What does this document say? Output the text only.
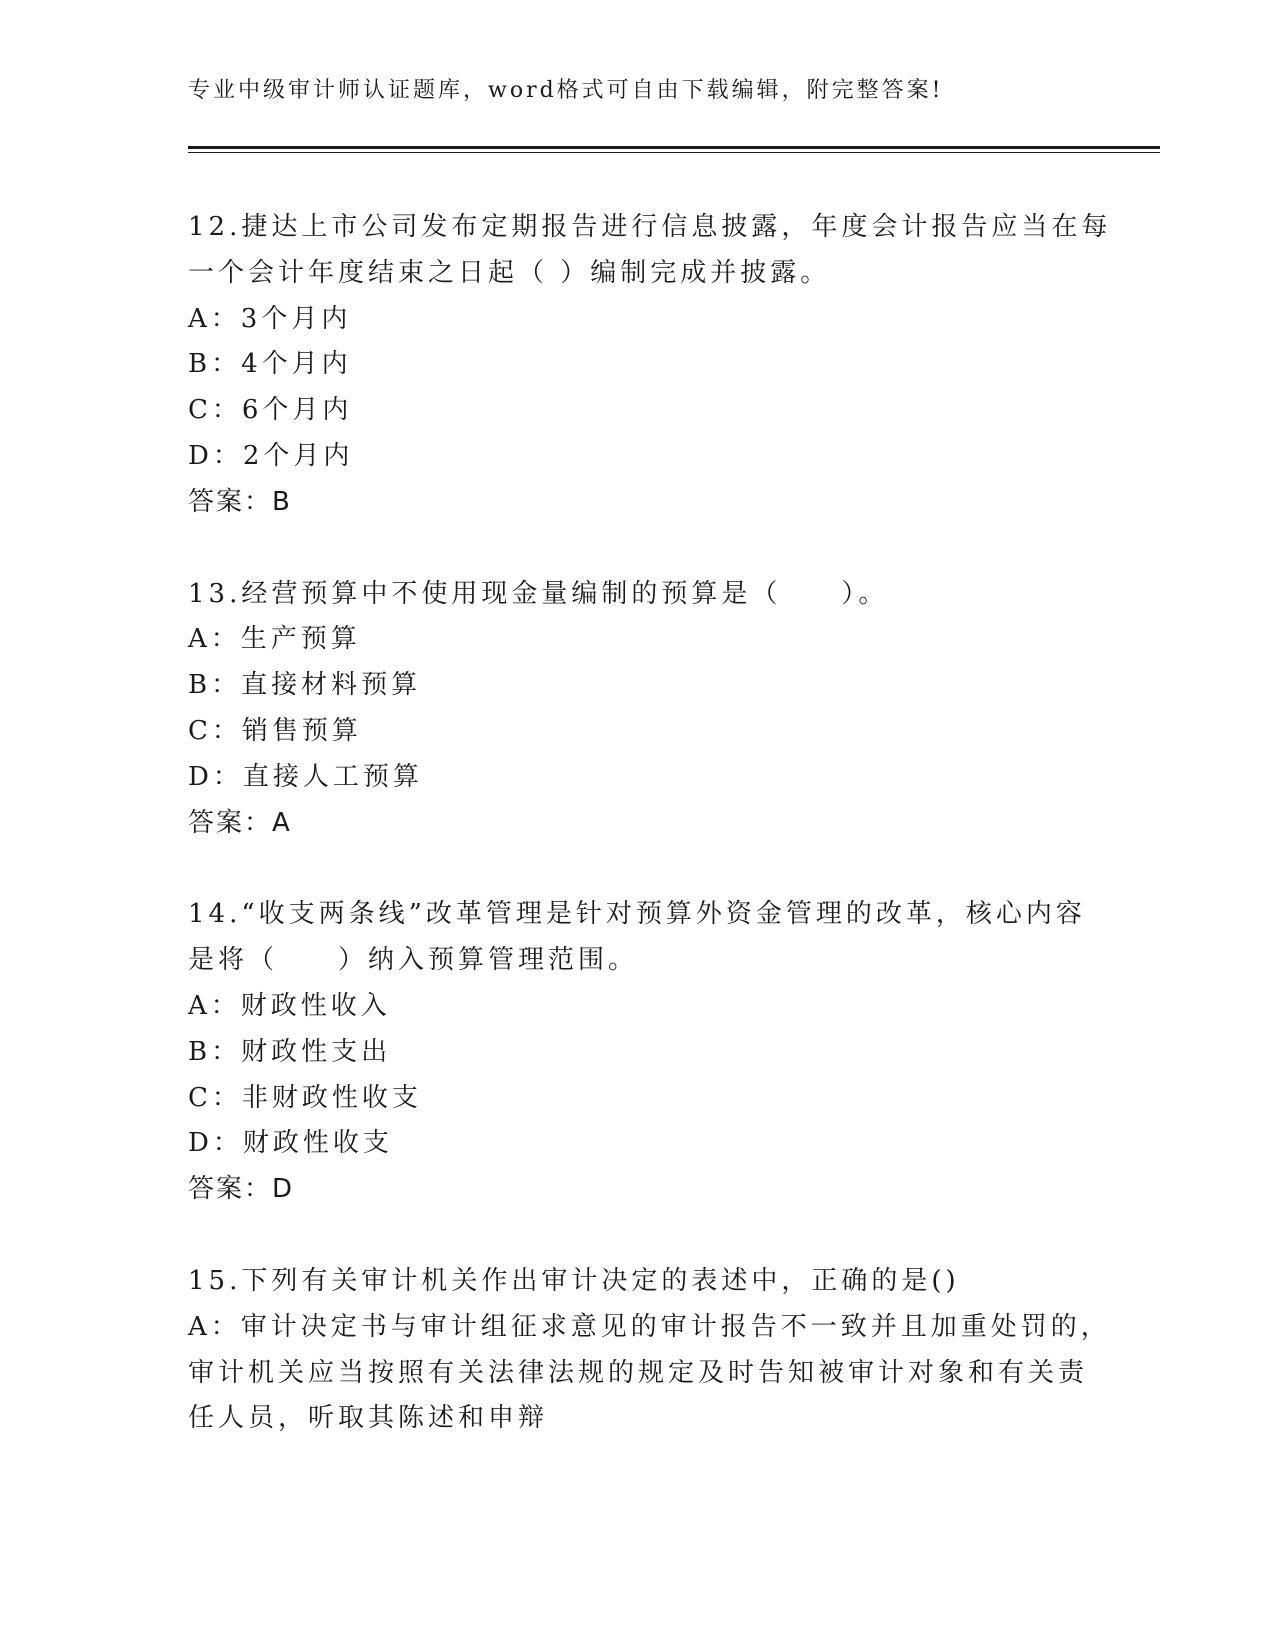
专业中级审计师认证题库，word格式可自由下载编辑，附完整答案!
12.捷达上市公司发布定期报告进行信息披露，年度会计报告应当在每
一个会计年度结束之日起（ ）编制完成并披露。
A：3个月内
B：4个月内
C：6个月内
D：2个月内
答案：B
13.经营预算中不使用现金量编制的预算是（　　）。
A：生产预算
B：直接材料预算
C：销售预算
D：直接人工预算
答案：A
14.“收支两条线”改革管理是针对预算外资金管理的改革，核心内容
是将（　　）纳入预算管理范围。
A：财政性收入
B：财政性支出
C：非财政性收支
D：财政性收支
答案：D
15.下列有关审计机关作出审计决定的表述中，正确的是()
A：审计决定书与审计组征求意见的审计报告不一致并且加重处罚的，
审计机关应当按照有关法律法规的规定及时告知被审计对象和有关责
任人员，听取其陈述和申辩
